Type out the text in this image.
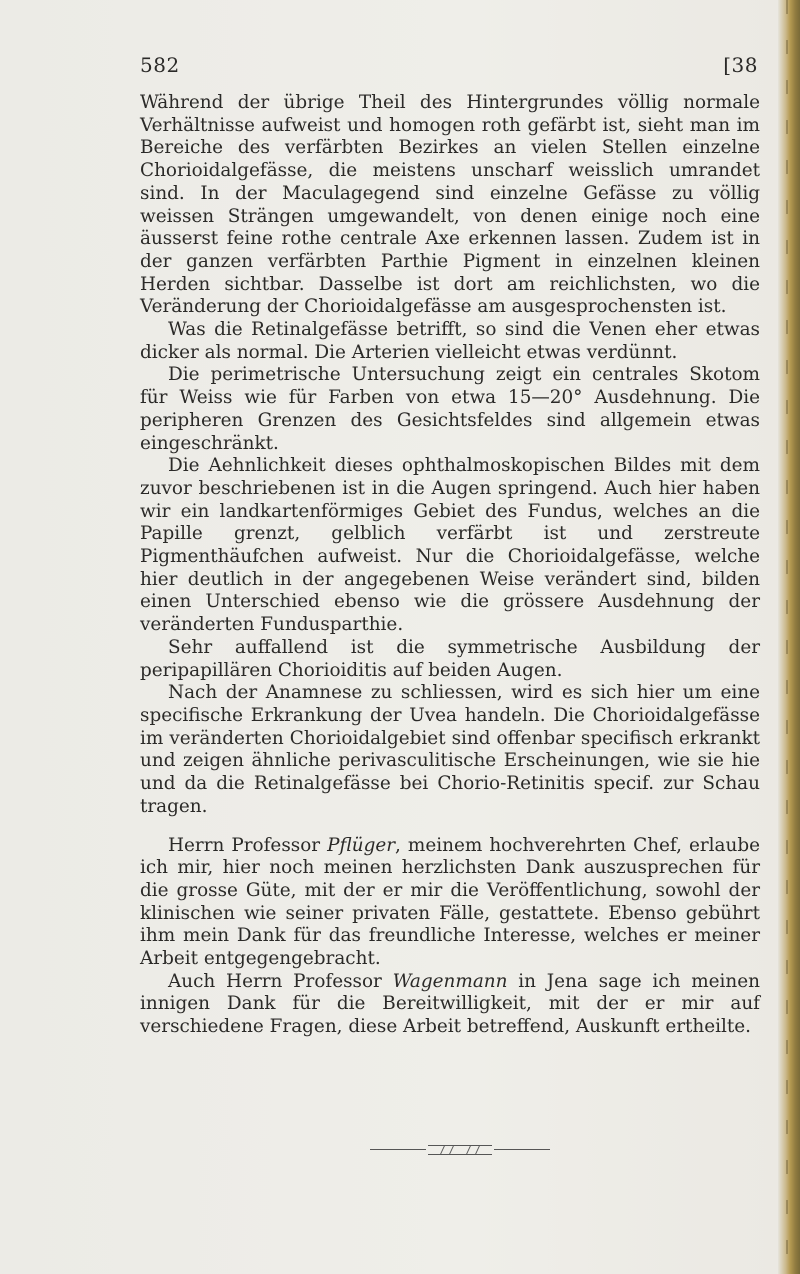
582	[38

Während der übrige Theil des Hintergrundes völlig normale Verhältnisse aufweist und homogen roth gefärbt ist, sieht man im Bereiche des verfärbten Bezirkes an vielen Stellen einzelne Chorioidalgefässe, die meistens unscharf weisslich umrandet sind. In der Maculagegend sind einzelne Gefässe zu völlig weissen Strängen umgewandelt, von denen einige noch eine äusserst feine rothe centrale Axe erkennen lassen. Zudem ist in der ganzen verfärbten Parthie Pigment in einzelnen kleinen Herden sichtbar. Dasselbe ist dort am reichlichsten, wo die Veränderung der Chorioidalgefässe am ausgesprochensten ist.

Was die Retinalgefässe betrifft, so sind die Venen eher etwas dicker als normal. Die Arterien vielleicht etwas verdünnt.

Die perimetrische Untersuchung zeigt ein centrales Skotom für Weiss wie für Farben von etwa 15—20° Ausdehnung. Die peripheren Grenzen des Gesichtsfeldes sind allgemein etwas eingeschränkt.

Die Aehnlichkeit dieses ophthalmoskopischen Bildes mit dem zuvor beschriebenen ist in die Augen springend. Auch hier haben wir ein landkartenförmiges Gebiet des Fundus, welches an die Papille grenzt, gelblich verfärbt ist und zerstreute Pigmenthäufchen aufweist. Nur die Chorioidalgefässe, welche hier deutlich in der angegebenen Weise verändert sind, bilden einen Unterschied ebenso wie die grössere Ausdehnung der veränderten Fundusparthie.

Sehr auffallend ist die symmetrische Ausbildung der peripapillären Chorioiditis auf beiden Augen.

Nach der Anamnese zu schliessen, wird es sich hier um eine specifische Erkrankung der Uvea handeln. Die Chorioidalgefässe im veränderten Chorioidalgebiet sind offenbar specifisch erkrankt und zeigen ähnliche perivasculitische Erscheinungen, wie sie hie und da die Retinalgefässe bei Chorio-Retinitis specif. zur Schau tragen.

Herrn Professor Pflüger, meinem hochverehrten Chef, erlaube ich mir, hier noch meinen herzlichsten Dank auszusprechen für die grosse Güte, mit der er mir die Veröffentlichung, sowohl der klinischen wie seiner privaten Fälle, gestattete. Ebenso gebührt ihm mein Dank für das freundliche Interesse, welches er meiner Arbeit entgegengebracht.

Auch Herrn Professor Wagenmann in Jena sage ich meinen innigen Dank für die Bereitwilligkeit, mit der er mir auf verschiedene Fragen, diese Arbeit betreffend, Auskunft ertheilte.
